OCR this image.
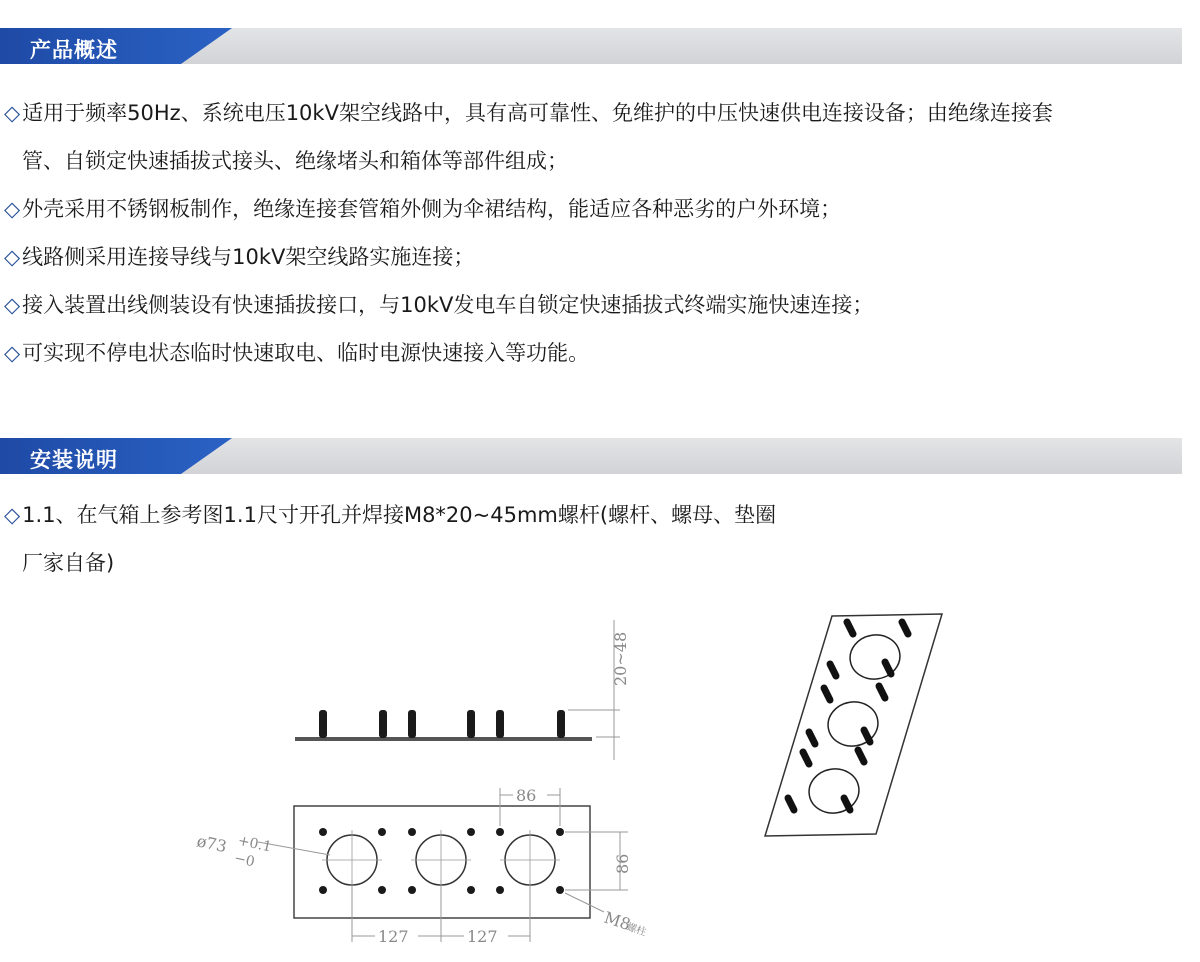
产品概述
◇适用于频率50Hz、系统电压10kV架空线路中，具有高可靠性、免维护的中压快速供电连接设备；由绝缘连接套
管、自锁定快速插拔式接头、绝缘堵头和箱体等部件组成；
◇外壳采用不锈钢板制作，绝缘连接套管箱外侧为伞裙结构，能适应各种恶劣的户外环境；
◇线路侧采用连接导线与10kV架空线路实施连接；
◇接入装置出线侧装设有快速插拔接口，与10kV发电车自锁定快速插拔式终端实施快速连接；
◇可实现不停电状态临时快速取电、临时电源快速接入等功能。
安装说明
◇1.1、在气箱上参考图1.1尺寸开孔并焊接M8*20~45mm螺杆(螺杆、螺母、垫圈
厂家自备)
20~48
86
86
ø73 +0.1
−0
127	127
M8
螺柱
